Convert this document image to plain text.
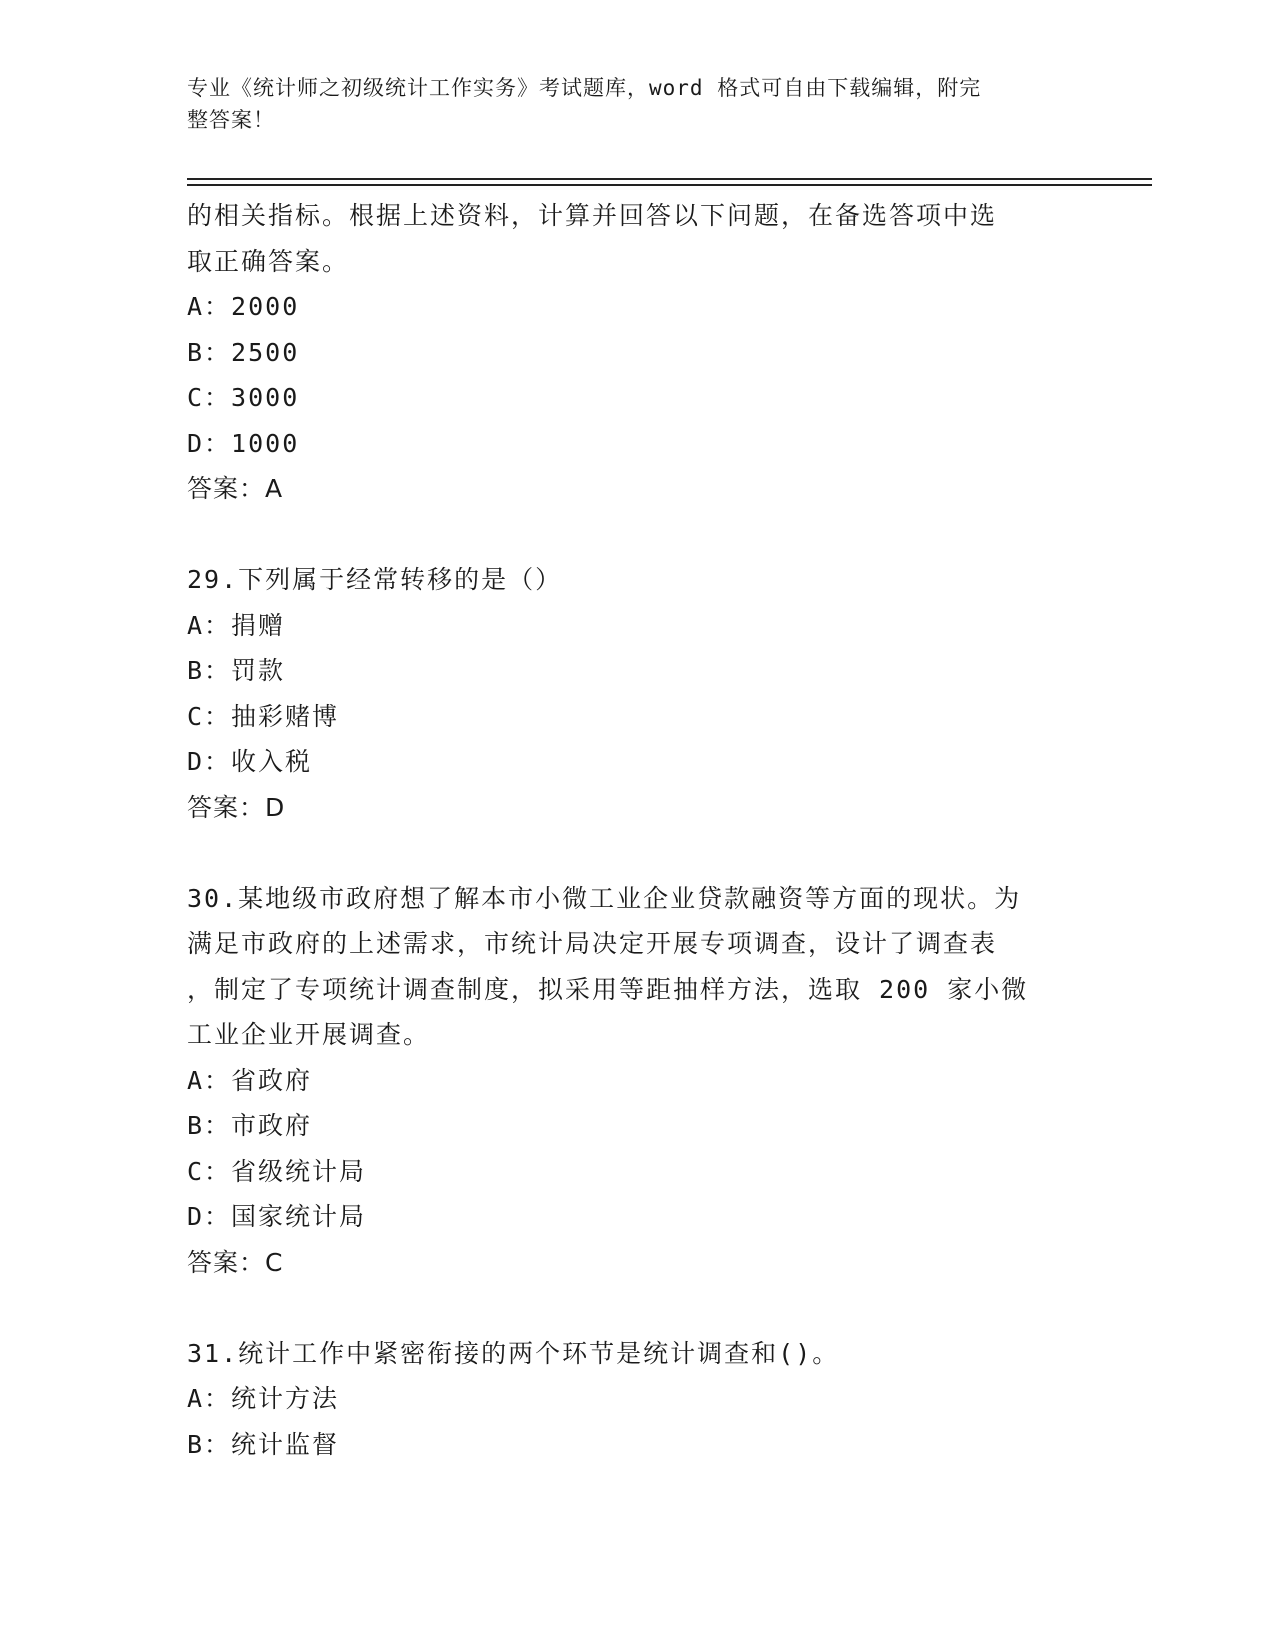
专业《统计师之初级统计工作实务》考试题库，word 格式可自由下载编辑，附完
整答案！
的相关指标。根据上述资料，计算并回答以下问题，在备选答项中选
取正确答案。
A：2000
B：2500
C：3000
D：1000
答案：A
29.下列属于经常转移的是（）
A：捐赠
B：罚款
C：抽彩赌博
D：收入税
答案：D
30.某地级市政府想了解本市小微工业企业贷款融资等方面的现状。为
满足市政府的上述需求，市统计局决定开展专项调查，设计了调查表
，制定了专项统计调查制度，拟采用等距抽样方法，选取 200 家小微
工业企业开展调查。
A：省政府
B：市政府
C：省级统计局
D：国家统计局
答案：C
31.统计工作中紧密衔接的两个环节是统计调查和()。
A：统计方法
B：统计监督
